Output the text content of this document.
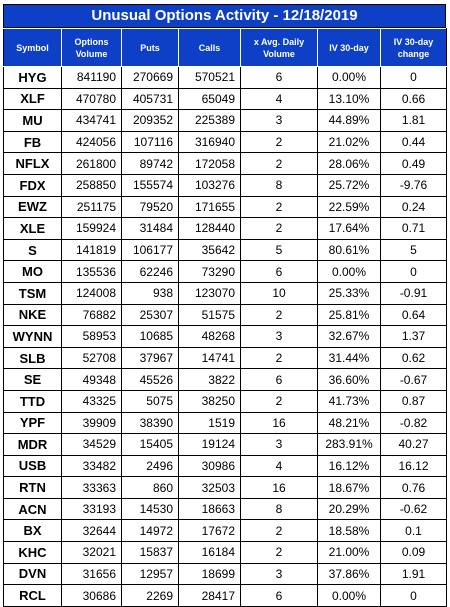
Unusual Options Activity - 12/18/2019
Symbol	Options Volume	Puts	Calls	x Avg. Daily Volume	IV 30-day	IV 30-day change
HYG	841190	270669	570521	6	0.00%	0
XLF	470780	405731	65049	4	13.10%	0.66
MU	434741	209352	225389	3	44.89%	1.81
FB	424056	107116	316940	2	21.02%	0.44
NFLX	261800	89742	172058	2	28.06%	0.49
FDX	258850	155574	103276	8	25.72%	-9.76
EWZ	251175	79520	171655	2	22.59%	0.24
XLE	159924	31484	128440	2	17.64%	0.71
S	141819	106177	35642	5	80.61%	5
MO	135536	62246	73290	6	0.00%	0
TSM	124008	938	123070	10	25.33%	-0.91
NKE	76882	25307	51575	2	25.81%	0.64
WYNN	58953	10685	48268	3	32.67%	1.37
SLB	52708	37967	14741	2	31.44%	0.62
SE	49348	45526	3822	6	36.60%	-0.67
TTD	43325	5075	38250	2	41.73%	0.87
YPF	39909	38390	1519	16	48.21%	-0.82
MDR	34529	15405	19124	3	283.91%	40.27
USB	33482	2496	30986	4	16.12%	16.12
RTN	33363	860	32503	16	18.67%	0.76
ACN	33193	14530	18663	8	20.29%	-0.62
BX	32644	14972	17672	2	18.58%	0.1
KHC	32021	15837	16184	2	21.00%	0.09
DVN	31656	12957	18699	3	37.86%	1.91
RCL	30686	2269	28417	6	0.00%	0
